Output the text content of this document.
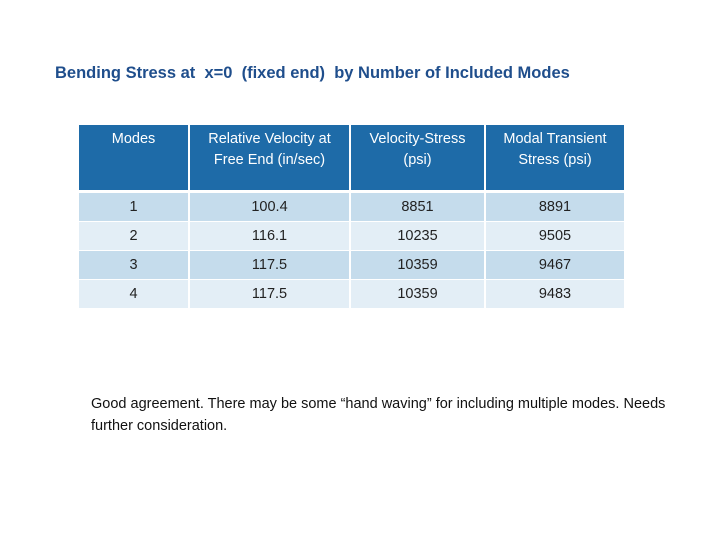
Bending Stress at  x=0  (fixed end)  by Number of Included Modes
Modes	Relative Velocity at Free End (in/sec)	Velocity-Stress (psi)	Modal Transient Stress (psi)
1	100.4	8851	8891
2	116.1	10235	9505
3	117.5	10359	9467
4	117.5	10359	9483
Good agreement. There may be some “hand waving” for including multiple modes. Needs further consideration.
